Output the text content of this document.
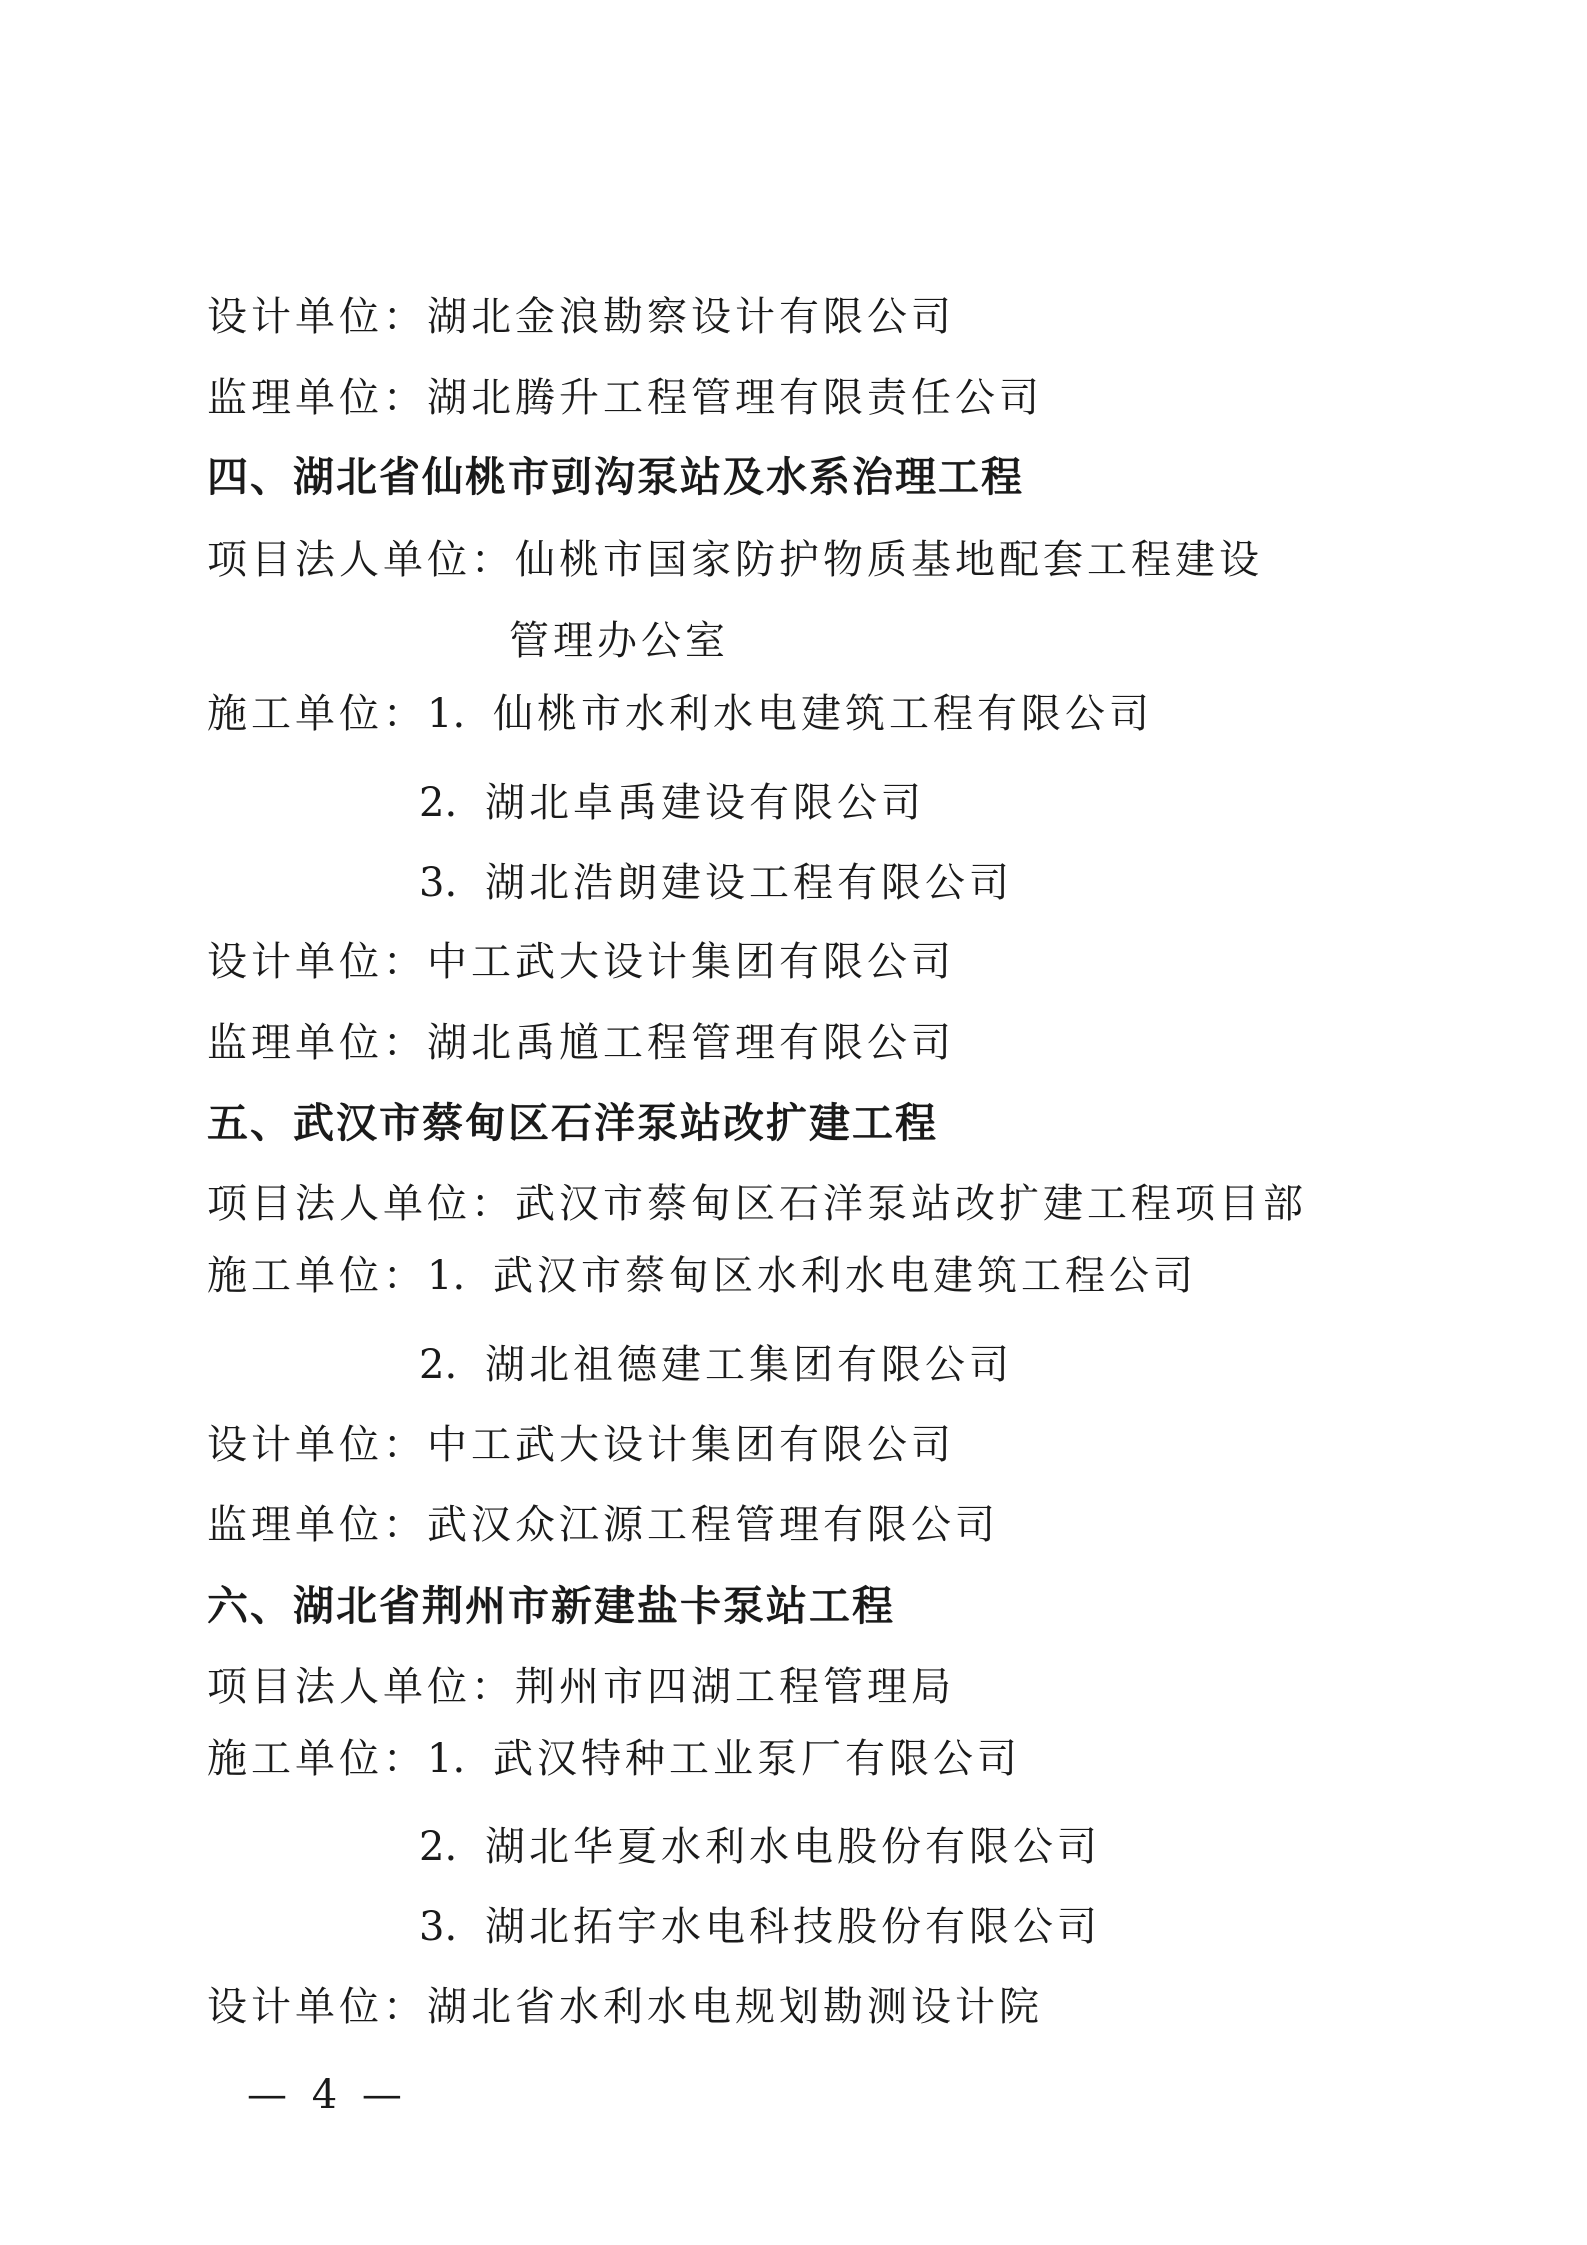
设计单位：湖北金浪勘察设计有限公司
监理单位：湖北腾升工程管理有限责任公司
四、湖北省仙桃市剅沟泵站及水系治理工程
项目法人单位：仙桃市国家防护物质基地配套工程建设
管理办公室
施工单位：1. 仙桃市水利水电建筑工程有限公司
2. 湖北卓禹建设有限公司
3. 湖北浩朗建设工程有限公司
设计单位：中工武大设计集团有限公司
监理单位：湖北禹馗工程管理有限公司
五、武汉市蔡甸区石洋泵站改扩建工程
项目法人单位：武汉市蔡甸区石洋泵站改扩建工程项目部
施工单位：1. 武汉市蔡甸区水利水电建筑工程公司
2. 湖北祖德建工集团有限公司
设计单位：中工武大设计集团有限公司
监理单位：武汉众江源工程管理有限公司
六、湖北省荆州市新建盐卡泵站工程
项目法人单位：荆州市四湖工程管理局
施工单位：1. 武汉特种工业泵厂有限公司
2. 湖北华夏水利水电股份有限公司
3. 湖北拓宇水电科技股份有限公司
设计单位：湖北省水利水电规划勘测设计院
— 4 —
